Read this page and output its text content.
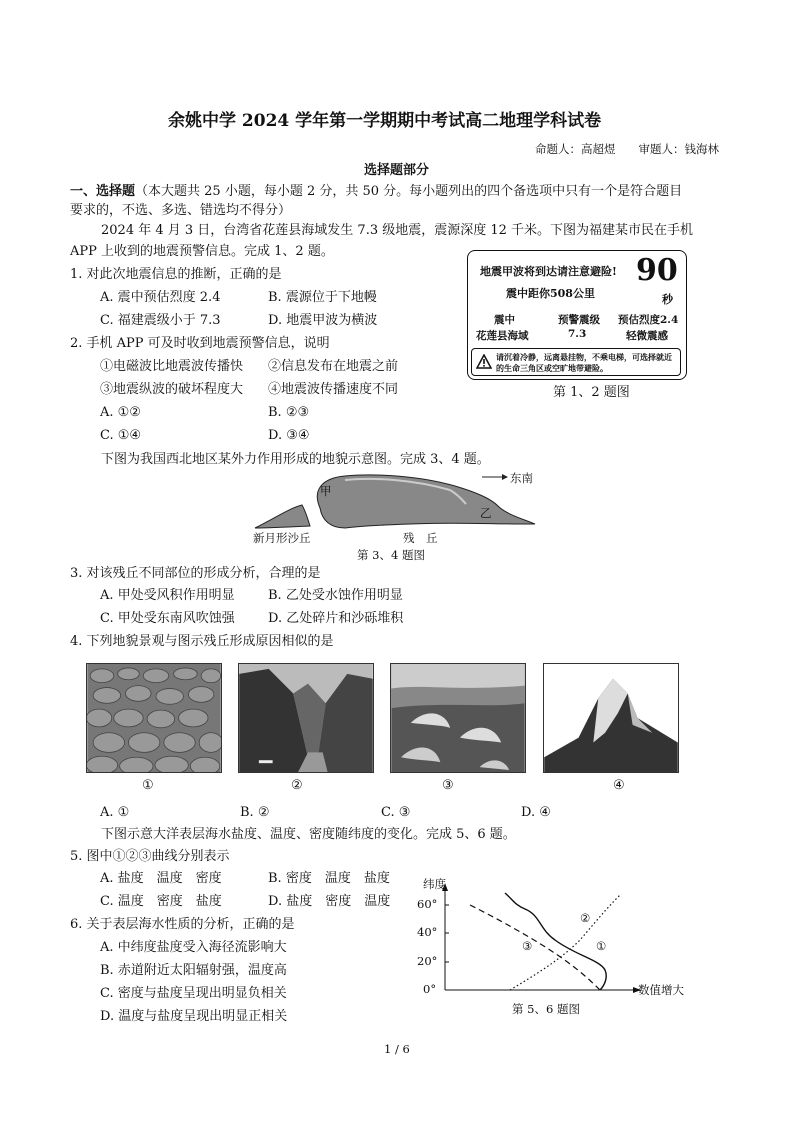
余姚中学 2024 学年第一学期期中考试高二地理学科试卷
命题人：高超煜　　审题人：钱海林
选择题部分
一、选择题（本大题共 25 小题，每小题 2 分，共 50 分。每小题列出的四个备选项中只有一个是符合题目
要求的，不选、多选、错选均不得分）
2024 年 4 月 3 日，台湾省花莲县海域发生 7.3 级地震，震源深度 12 千米。下图为福建某市民在手机
APP 上收到的地震预警信息。完成 1、2 题。
1. 对此次地震信息的推断，正确的是
A. 震中预估烈度 2.4	B. 震源位于下地幔
C. 福建震级小于 7.3	D. 地震甲波为横波
2. 手机 APP 可及时收到地震预警信息，说明
①电磁波比地震波传播快 ②信息发布在地震之前
③地震纵波的破坏程度大 ④地震波传播速度不同
A. ①②	B. ②③
C. ①④	D. ③④
地震甲波将到达请注意避险!
震中距你508公里
90
秒
震中	预警震级 预估烈度2.4
花莲县海域	7.3	轻微震感
请沉着冷静，远离悬挂物，不乘电梯，可选择就近
的生命三角区或空旷地带避险。
第 1、2 题图
下图为我国西北地区某外力作用形成的地貌示意图。完成 3、4 题。
东南
甲
乙
新月形沙丘	残　丘
第 3、4 题图
3. 对该残丘不同部位的形成分析，合理的是
A. 甲处受风积作用明显	B. 乙处受水蚀作用明显
C. 甲处受东南风吹蚀强	D. 乙处碎片和沙砾堆积
4. 下列地貌景观与图示残丘形成原因相似的是
①	②	③	④
A. ①	B. ②	C. ③	D. ④
下图示意大洋表层海水盐度、温度、密度随纬度的变化。完成 5、6 题。
5. 图中①②③曲线分别表示
A. 盐度　温度　密度	B. 密度　温度　盐度
C. 温度　密度　盐度	D. 盐度　密度　温度
6. 关于表层海水性质的分析，正确的是
A. 中纬度盐度受入海径流影响大
B. 赤道附近太阳辐射强，温度高
C. 密度与盐度呈现出明显负相关
D. 温度与盐度呈现出明显正相关
纬度
60°
40°
20°
0°	数值增大
①
②
③
第 5、6 题图
1 / 6
